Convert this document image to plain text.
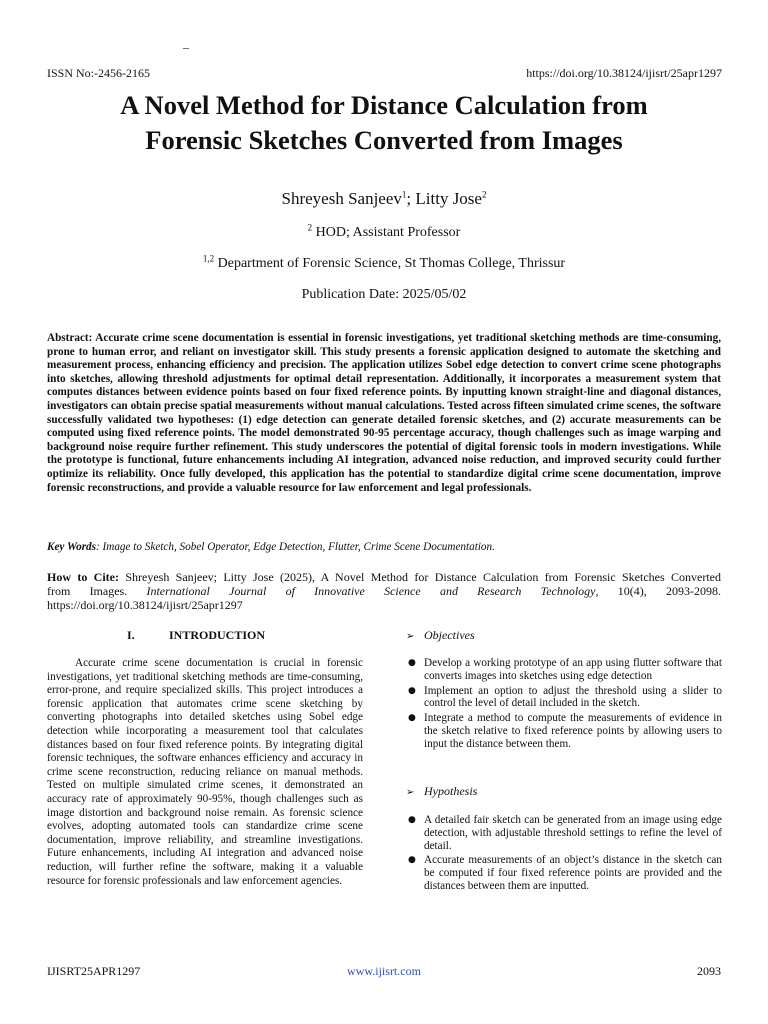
–
ISSN No:-2456-2165	https://doi.org/10.38124/ijisrt/25apr1297
A Novel Method for Distance Calculation from
Forensic Sketches Converted from Images
Shreyesh Sanjeev$^1$; Litty Jose$^2$
$^2$ HOD; Assistant Professor
$^{1,2}$ Department of Forensic Science, St Thomas College, Thrissur
Publication Date: 2025/05/02

Abstract: Accurate crime scene documentation is essential in forensic investigations, yet traditional sketching methods are time-consuming, prone to human error, and reliant on investigator skill. This study presents a forensic application designed to automate the sketching and measurement process, enhancing efficiency and precision. The application utilizes Sobel edge detection to convert crime scene photographs into sketches, allowing threshold adjustments for optimal detail representation. Additionally, it incorporates a measurement system that computes distances between evidence points based on four fixed reference points. By inputting known straight-line and diagonal distances, investigators can obtain precise spatial measurements without manual calculations. Tested across fifteen simulated crime scenes, the software successfully validated two hypotheses: (1) edge detection can generate detailed forensic sketches, and (2) accurate measurements can be computed using fixed reference points. The model demonstrated 90-95 percentage accuracy, though challenges such as image warping and background noise require further refinement. This study underscores the potential of digital forensic tools in modern investigations. While the prototype is functional, future enhancements including AI integration, advanced noise reduction, and improved security could further optimize its reliability. Once fully developed, this application has the potential to standardize digital crime scene documentation, improve forensic reconstructions, and provide a valuable resource for law enforcement and legal professionals.

Key Words: Image to Sketch, Sobel Operator, Edge Detection, Flutter, Crime Scene Documentation.

How to Cite: Shreyesh Sanjeev; Litty Jose (2025), A Novel Method for Distance Calculation from Forensic Sketches Converted
from Images. International Journal of Innovative Science and Research Technology, 10(4), 2093-2098.
https://doi.org/10.38124/ijisrt/25apr1297

I.	INTRODUCTION

Accurate crime scene documentation is crucial in forensic investigations, yet traditional sketching methods are time-consuming, error-prone, and require specialized skills. This project introduces a forensic application that automates crime scene sketching by converting photographs into detailed sketches using Sobel edge detection while incorporating a measurement tool that calculates distances based on four fixed reference points. By integrating digital forensic techniques, the software enhances efficiency and accuracy in crime scene reconstruction, reducing reliance on manual methods. Tested on multiple simulated crime scenes, it demonstrated an accuracy rate of approximately 90-95%, though challenges such as image distortion and background noise remain. As forensic science evolves, adopting automated tools can standardize crime scene documentation, improve reliability, and streamline investigations. Future enhancements, including AI integration and advanced noise reduction, will further refine the software, making it a valuable resource for forensic professionals and law enforcement agencies.

➢ Objectives
● Develop a working prototype of an app using flutter software that converts images into sketches using edge detection
● Implement an option to adjust the threshold using a slider to control the level of detail included in the sketch.
● Integrate a method to compute the measurements of evidence in the sketch relative to fixed reference points by allowing users to input the distance between them.
➢ Hypothesis
● A detailed fair sketch can be generated from an image using edge detection, with adjustable threshold settings to refine the level of detail.
● Accurate measurements of an object’s distance in the sketch can be computed if four fixed reference points are provided and the distances between them are inputted.
IJISRT25APR1297	www.ijisrt.com	2093
